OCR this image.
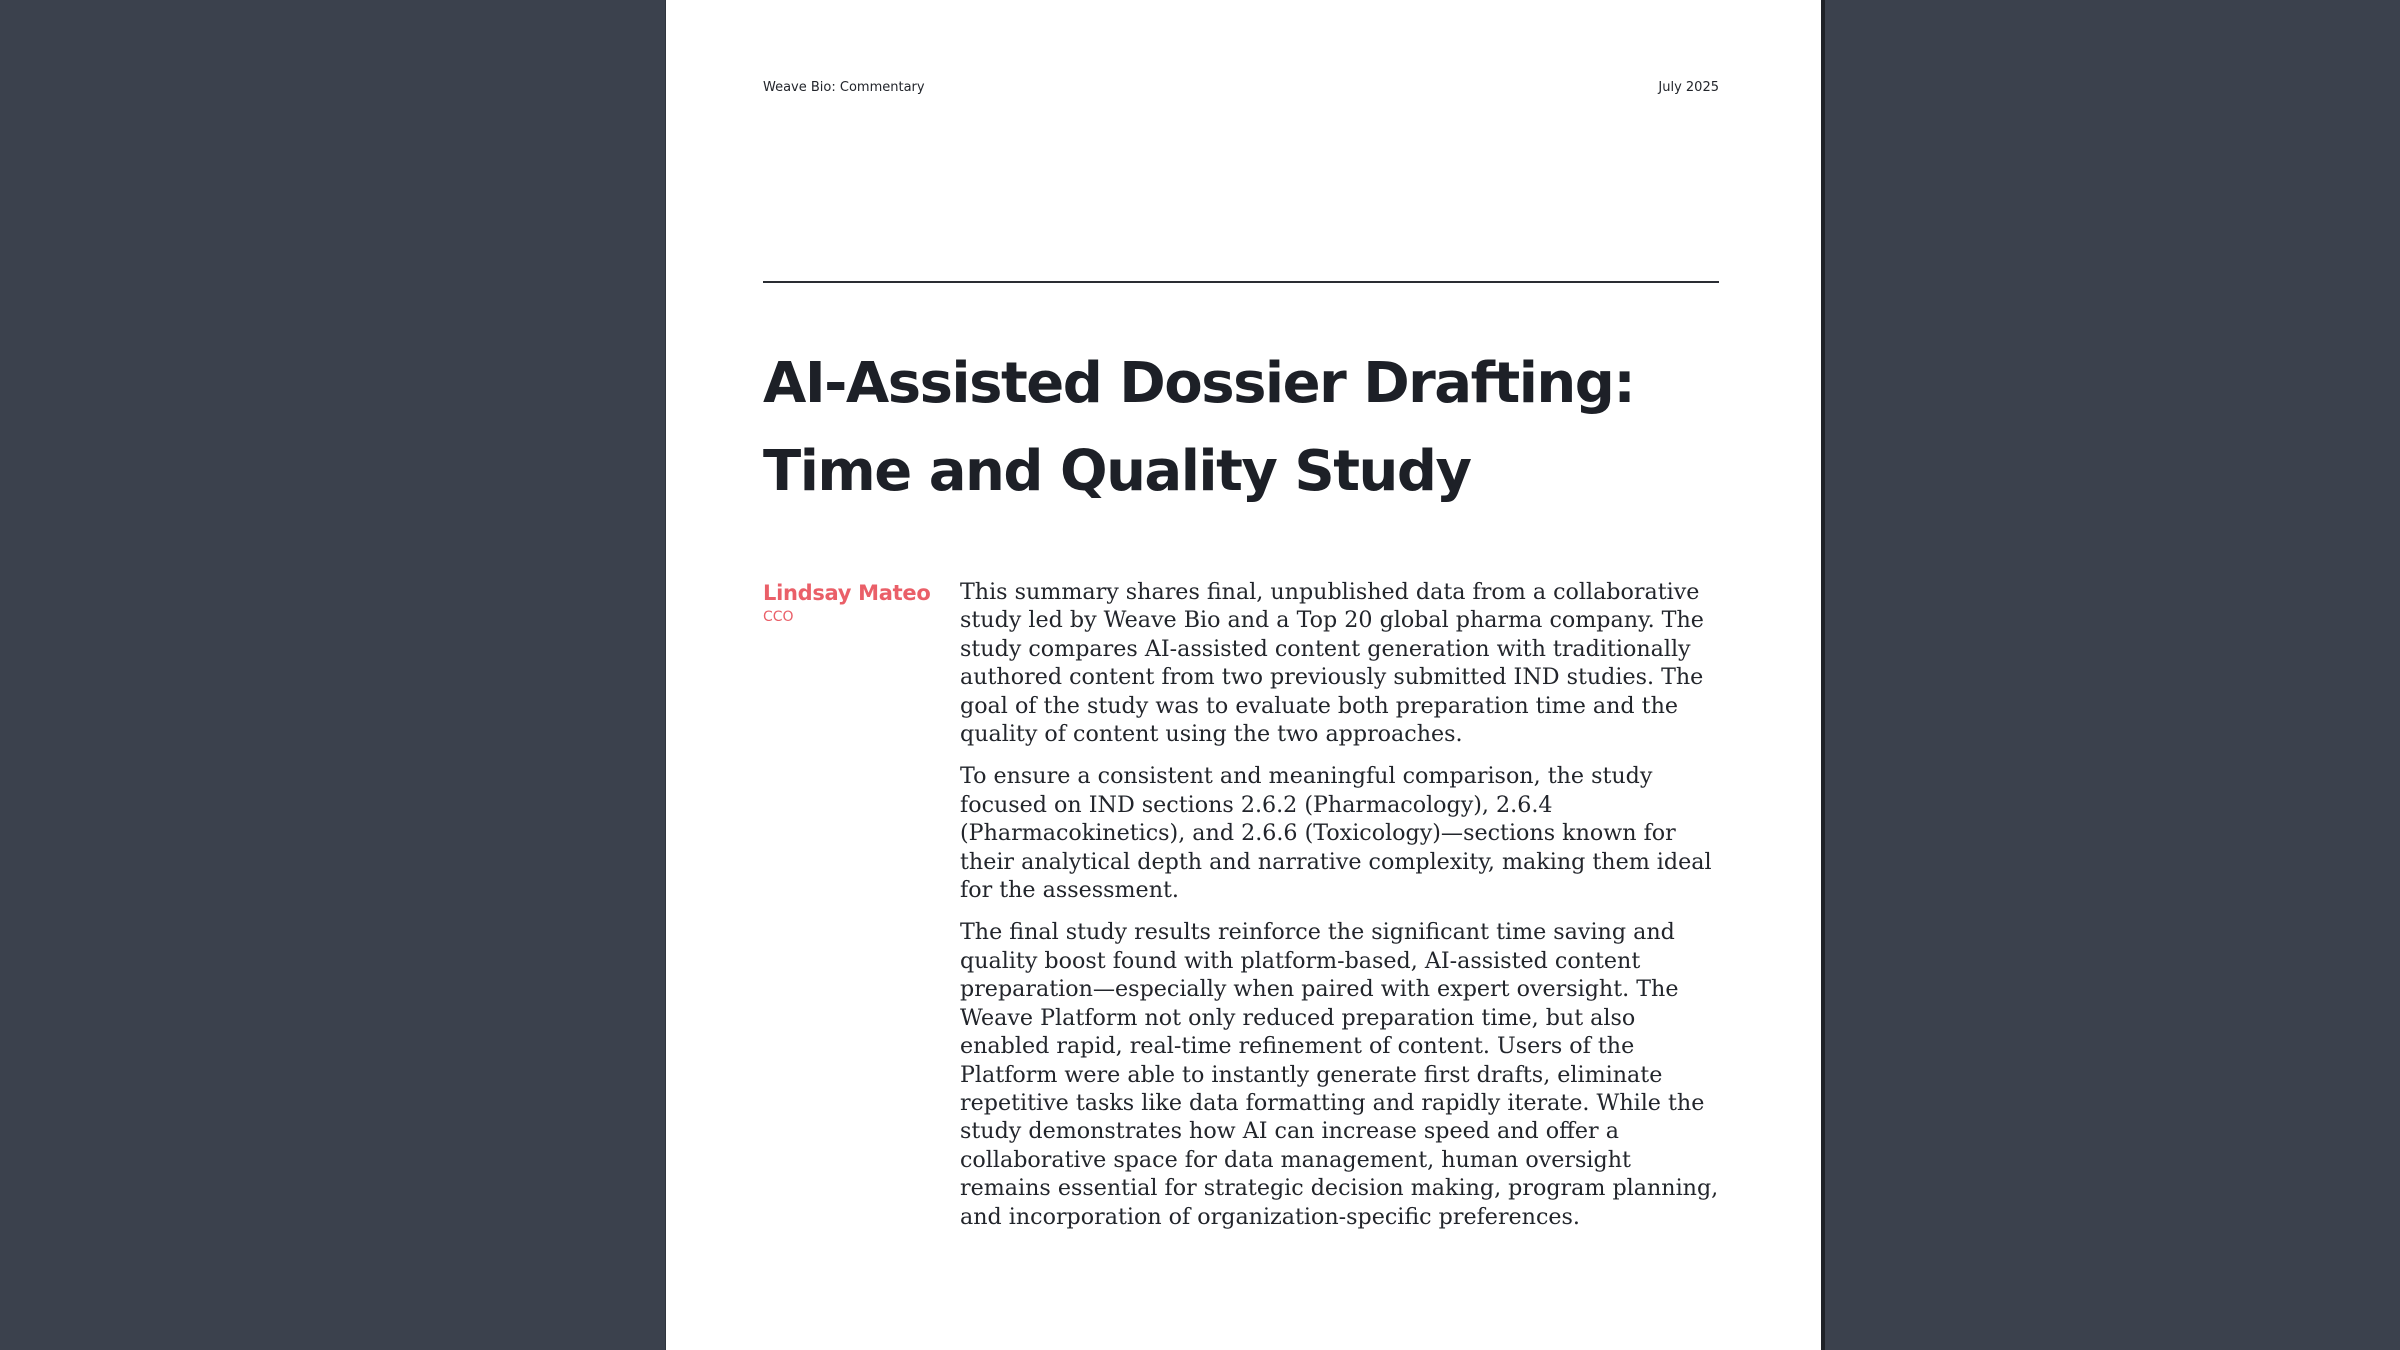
Weave Bio: Commentary	July 2025
AI-Assisted Dossier Drafting:
Time and Quality Study
Lindsay Mateo
CCO

This summary shares final, unpublished data from a collaborative study led by Weave Bio and a Top 20 global pharma company. The study compares AI-assisted content generation with traditionally authored content from two previously submitted IND studies. The goal of the study was to evaluate both preparation time and the quality of content using the two approaches.

To ensure a consistent and meaningful comparison, the study focused on IND sections 2.6.2 (Pharmacology), 2.6.4 (Pharmacokinetics), and 2.6.6 (Toxicology)—sections known for their analytical depth and narrative complexity, making them ideal for the assessment.

The final study results reinforce the significant time saving and quality boost found with platform-based, AI-assisted content preparation—especially when paired with expert oversight. The Weave Platform not only reduced preparation time, but also enabled rapid, real-time refinement of content. Users of the Platform were able to instantly generate first drafts, eliminate repetitive tasks like data formatting and rapidly iterate. While the study demonstrates how AI can increase speed and offer a collaborative space for data management, human oversight remains essential for strategic decision making, program planning, and incorporation of organization-specific preferences.
